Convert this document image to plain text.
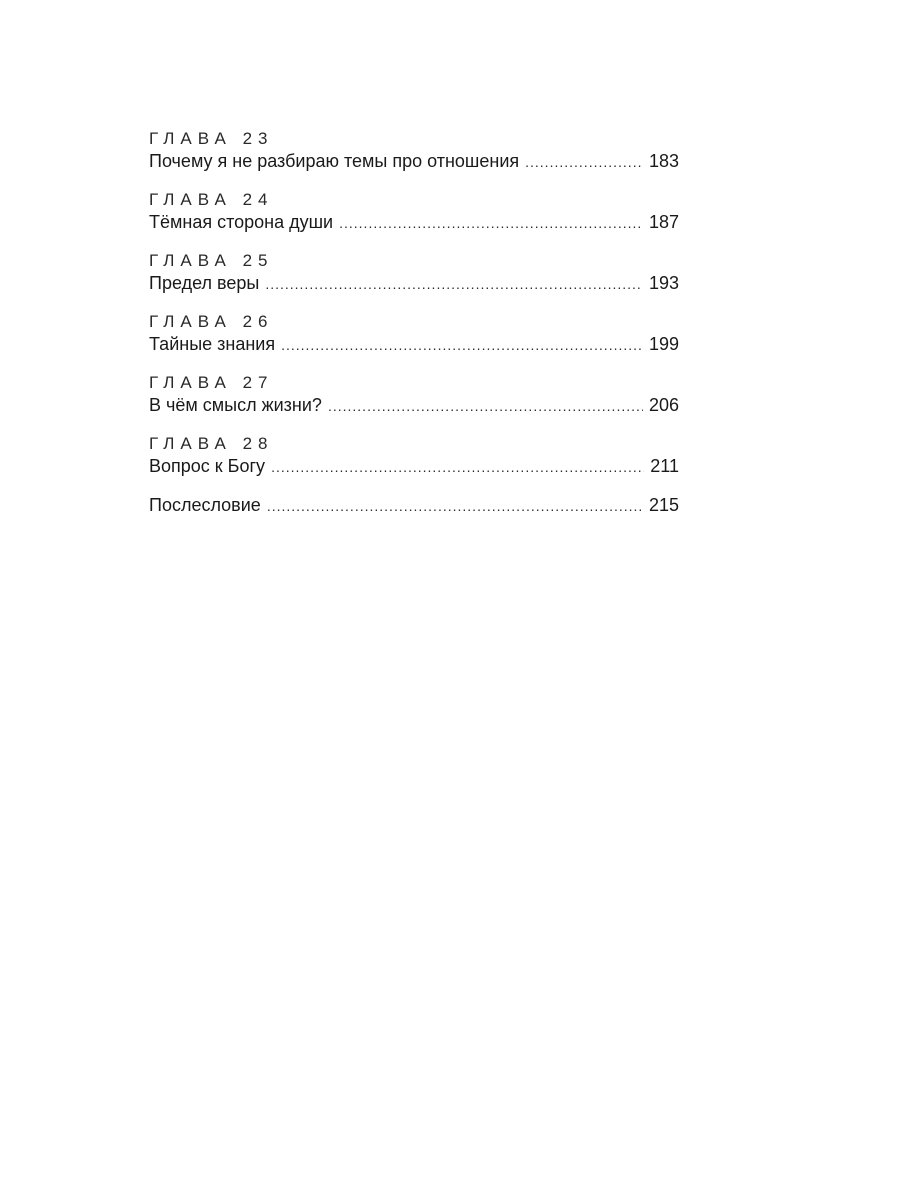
ГЛАВА 23
Почему я не разбираю темы про отношения .....	183
ГЛАВА 24
Тёмная сторона души .....	187
ГЛАВА 25
Предел веры .....	193
ГЛАВА 26
Тайные знания .....	199
ГЛАВА 27
В чём смысл жизни? .....	206
ГЛАВА 28
Вопрос к Богу .....	211
Послесловие .....	215
